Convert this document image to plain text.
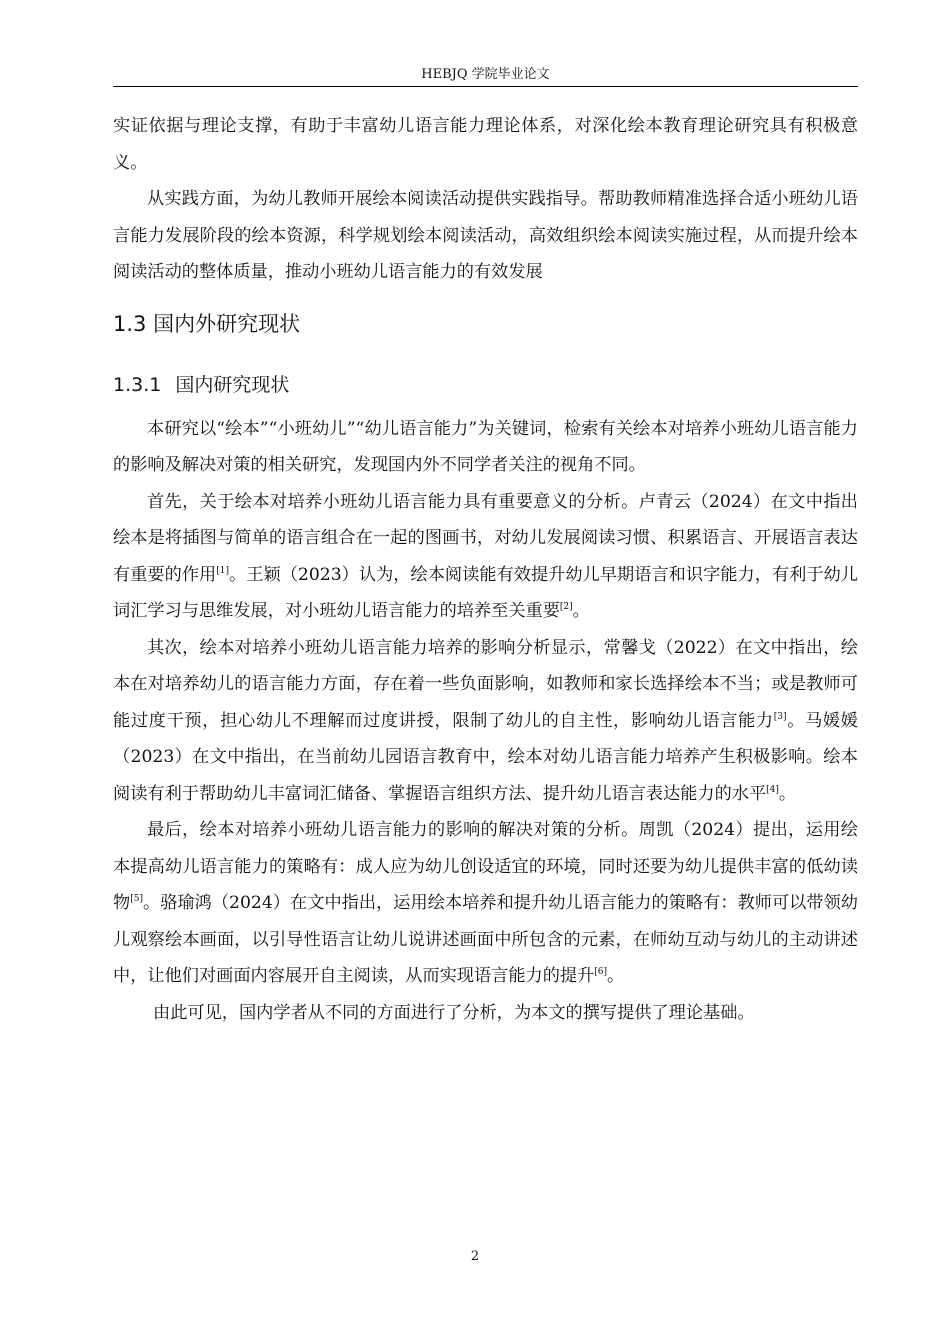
HEBJQ 学院毕业论文

实证依据与理论支撑，有助于丰富幼儿语言能力理论体系，对深化绘本教育理论研究具有积极意义。

从实践方面，为幼儿教师开展绘本阅读活动提供实践指导。帮助教师精准选择合适小班幼儿语言能力发展阶段的绘本资源，科学规划绘本阅读活动，高效组织绘本阅读实施过程，从而提升绘本阅读活动的整体质量，推动小班幼儿语言能力的有效发展

1.3 国内外研究现状
1.3.1 国内研究现状

本研究以“绘本”“小班幼儿”“幼儿语言能力”为关键词，检索有关绘本对培养小班幼儿语言能力的影响及解决对策的相关研究，发现国内外不同学者关注的视角不同。

首先，关于绘本对培养小班幼儿语言能力具有重要意义的分析。卢青云（2024）在文中指出绘本是将插图与简单的语言组合在一起的图画书，对幼儿发展阅读习惯、积累语言、开展语言表达有重要的作用[1]。王颖（2023）认为，绘本阅读能有效提升幼儿早期语言和识字能力，有利于幼儿词汇学习与思维发展，对小班幼儿语言能力的培养至关重要[2]。

其次，绘本对培养小班幼儿语言能力培养的影响分析显示，常馨戈（2022）在文中指出，绘本在对培养幼儿的语言能力方面，存在着一些负面影响，如教师和家长选择绘本不当；或是教师可能过度干预，担心幼儿不理解而过度讲授，限制了幼儿的自主性，影响幼儿语言能力[3]。马媛媛（2023）在文中指出，在当前幼儿园语言教育中，绘本对幼儿语言能力培养产生积极影响。绘本阅读有利于帮助幼儿丰富词汇储备、掌握语言组织方法、提升幼儿语言表达能力的水平[4]。

最后，绘本对培养小班幼儿语言能力的影响的解决对策的分析。周凯（2024）提出，运用绘本提高幼儿语言能力的策略有：成人应为幼儿创设适宜的环境，同时还要为幼儿提供丰富的低幼读物[5]。骆瑜鸿（2024）在文中指出，运用绘本培养和提升幼儿语言能力的策略有：教师可以带领幼儿观察绘本画面，以引导性语言让幼儿说讲述画面中所包含的元素，在师幼互动与幼儿的主动讲述中，让他们对画面内容展开自主阅读，从而实现语言能力的提升[6]。

由此可见，国内学者从不同的方面进行了分析，为本文的撰写提供了理论基础。

2
